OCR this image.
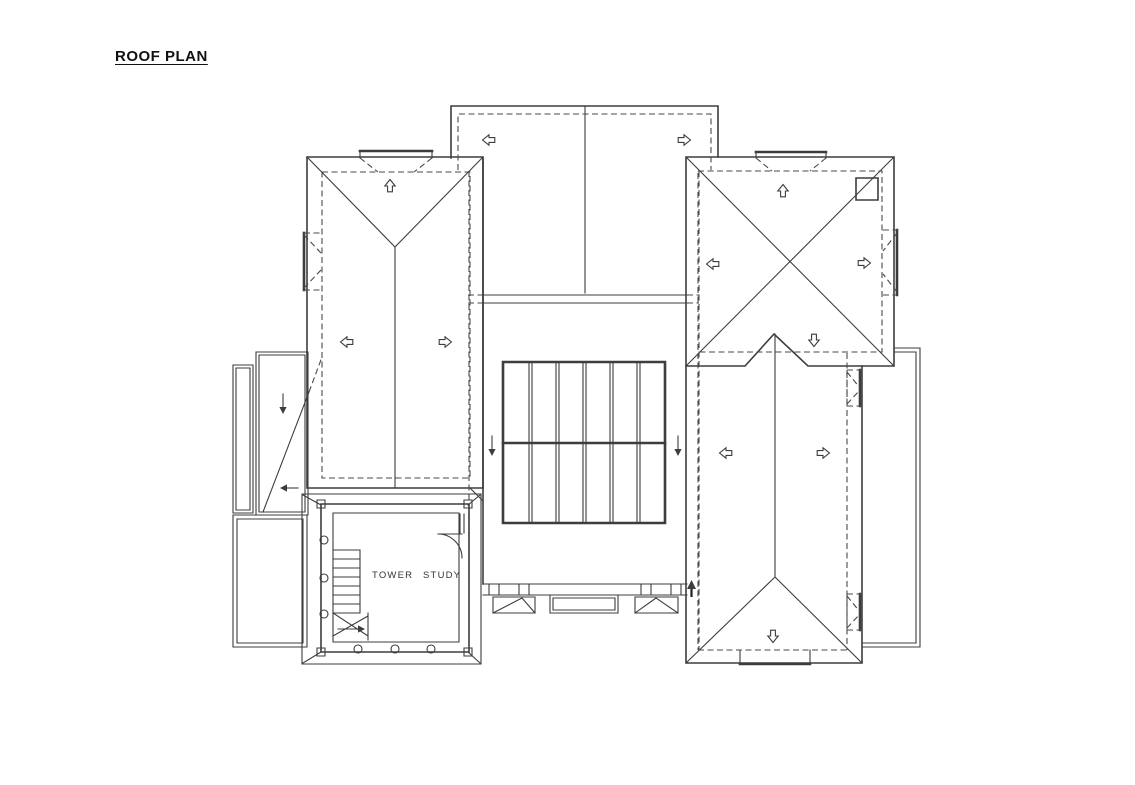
ROOF PLAN
TOWER STUDY
